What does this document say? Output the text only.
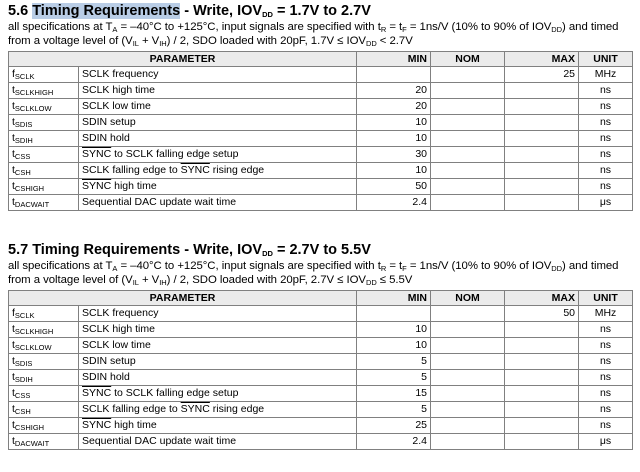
5.6 Timing Requirements - Write, $IOV_{DD} = 1.7V$ to 2.7V
all specifications at $T_A = -40^\circ C$ to +125°C, input signals are specified with $t_R = t_F = 1ns/V$ (10% to 90% of $IOV_{DD}$) and timed
from a voltage level of $(V_{IL} + V_{IH}) / 2$, SDO loaded with 20pF, $1.7V \le IOV_{DD} < 2.7V$
PARAMETER		MIN	NOM	MAX	UNIT
$f_{SCLK}$	SCLK frequency			25	MHz
$t_{SCLKHIGH}$	SCLK high time	20			ns
$t_{SCLKLOW}$	SCLK low time	20			ns
$t_{SDIS}$	SDIN setup	10			ns
$t_{SDIH}$	SDIN hold	10			ns
$t_{CSS}$	SYNC to SCLK falling edge setup	30			ns
$t_{CSH}$	SCLK falling edge to SYNC rising edge	10			ns
$t_{CSHIGH}$	SYNC high time	50			ns
$t_{DACWAIT}$	Sequential DAC update wait time	2.4			μs
5.7 Timing Requirements - Write, $IOV_{DD} = 2.7V$ to 5.5V
all specifications at $T_A = -40^\circ C$ to +125°C, input signals are specified with $t_R = t_F = 1ns/V$ (10% to 90% of $IOV_{DD}$) and timed
from a voltage level of $(V_{IL} + V_{IH}) / 2$, SDO loaded with 20pF, $2.7V \le IOV_{DD} \le 5.5V$
PARAMETER		MIN	NOM	MAX	UNIT
$f_{SCLK}$	SCLK frequency			50	MHz
$t_{SCLKHIGH}$	SCLK high time	10			ns
$t_{SCLKLOW}$	SCLK low time	10			ns
$t_{SDIS}$	SDIN setup	5			ns
$t_{SDIH}$	SDIN hold	5			ns
$t_{CSS}$	SYNC to SCLK falling edge setup	15			ns
$t_{CSH}$	SCLK falling edge to SYNC rising edge	5			ns
$t_{CSHIGH}$	SYNC high time	25			ns
$t_{DACWAIT}$	Sequential DAC update wait time	2.4			μs
